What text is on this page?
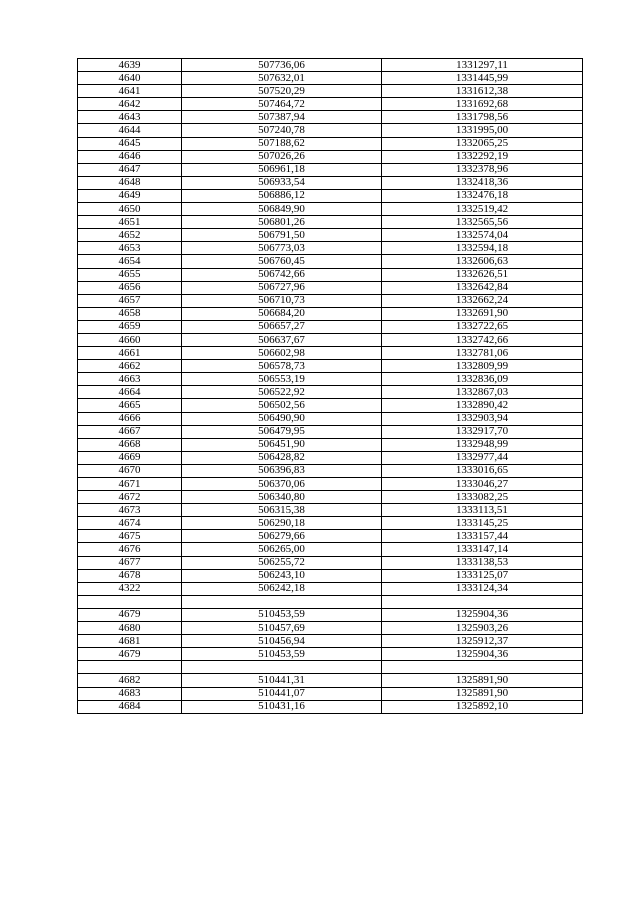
4639	507736,06	1331297,11
4640	507632,01	1331445,99
4641	507520,29	1331612,38
4642	507464,72	1331692,68
4643	507387,94	1331798,56
4644	507240,78	1331995,00
4645	507188,62	1332065,25
4646	507026,26	1332292,19
4647	506961,18	1332378,96
4648	506933,54	1332418,36
4649	506886,12	1332476,18
4650	506849,90	1332519,42
4651	506801,26	1332565,56
4652	506791,50	1332574,04
4653	506773,03	1332594,18
4654	506760,45	1332606,63
4655	506742,66	1332626,51
4656	506727,96	1332642,84
4657	506710,73	1332662,24
4658	506684,20	1332691,90
4659	506657,27	1332722,65
4660	506637,67	1332742,66
4661	506602,98	1332781,06
4662	506578,73	1332809,99
4663	506553,19	1332836,09
4664	506522,92	1332867,03
4665	506502,56	1332890,42
4666	506490,90	1332903,94
4667	506479,95	1332917,70
4668	506451,90	1332948,99
4669	506428,82	1332977,44
4670	506396,83	1333016,65
4671	506370,06	1333046,27
4672	506340,80	1333082,25
4673	506315,38	1333113,51
4674	506290,18	1333145,25
4675	506279,66	1333157,44
4676	506265,00	1333147,14
4677	506255,72	1333138,53
4678	506243,10	1333125,07
4322	506242,18	1333124,34

4679	510453,59	1325904,36
4680	510457,69	1325903,26
4681	510456,94	1325912,37
4679	510453,59	1325904,36

4682	510441,31	1325891,90
4683	510441,07	1325891,90
4684	510431,16	1325892,10
